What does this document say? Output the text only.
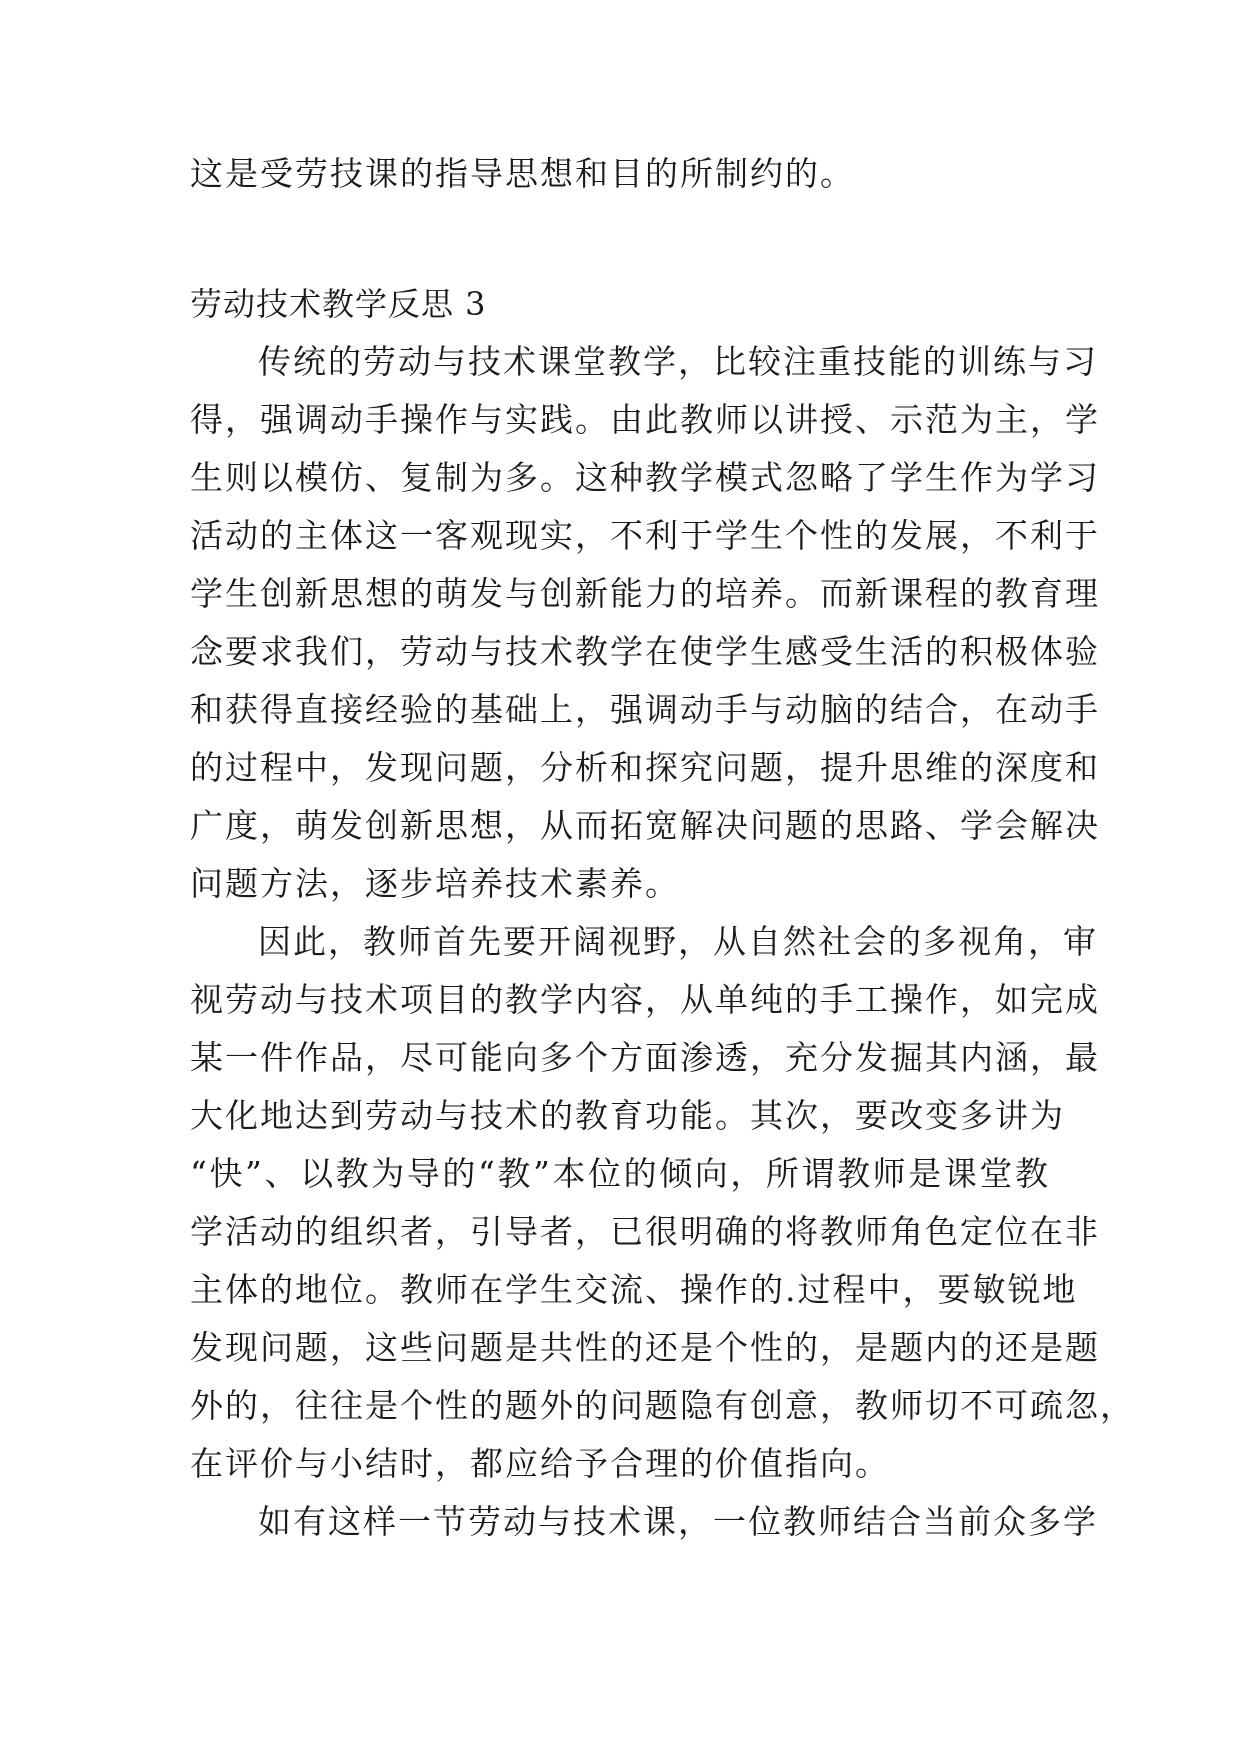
这是受劳技课的指导思想和目的所制约的。
劳动技术教学反思 3
传统的劳动与技术课堂教学，比较注重技能的训练与习
得，强调动手操作与实践。由此教师以讲授、示范为主，学
生则以模仿、复制为多。这种教学模式忽略了学生作为学习
活动的主体这一客观现实，不利于学生个性的发展，不利于
学生创新思想的萌发与创新能力的培养。而新课程的教育理
念要求我们，劳动与技术教学在使学生感受生活的积极体验
和获得直接经验的基础上，强调动手与动脑的结合，在动手
的过程中，发现问题，分析和探究问题，提升思维的深度和
广度，萌发创新思想，从而拓宽解决问题的思路、学会解决
问题方法，逐步培养技术素养。
因此，教师首先要开阔视野，从自然社会的多视角，审
视劳动与技术项目的教学内容，从单纯的手工操作，如完成
某一件作品，尽可能向多个方面渗透，充分发掘其内涵，最
大化地达到劳动与技术的教育功能。其次，要改变多讲为
“快”、以教为导的“教”本位的倾向，所谓教师是课堂教
学活动的组织者，引导者，已很明确的将教师角色定位在非
主体的地位。教师在学生交流、操作的.过程中，要敏锐地
发现问题，这些问题是共性的还是个性的，是题内的还是题
外的，往往是个性的题外的问题隐有创意，教师切不可疏忽，
在评价与小结时，都应给予合理的价值指向。
如有这样一节劳动与技术课，一位教师结合当前众多学
